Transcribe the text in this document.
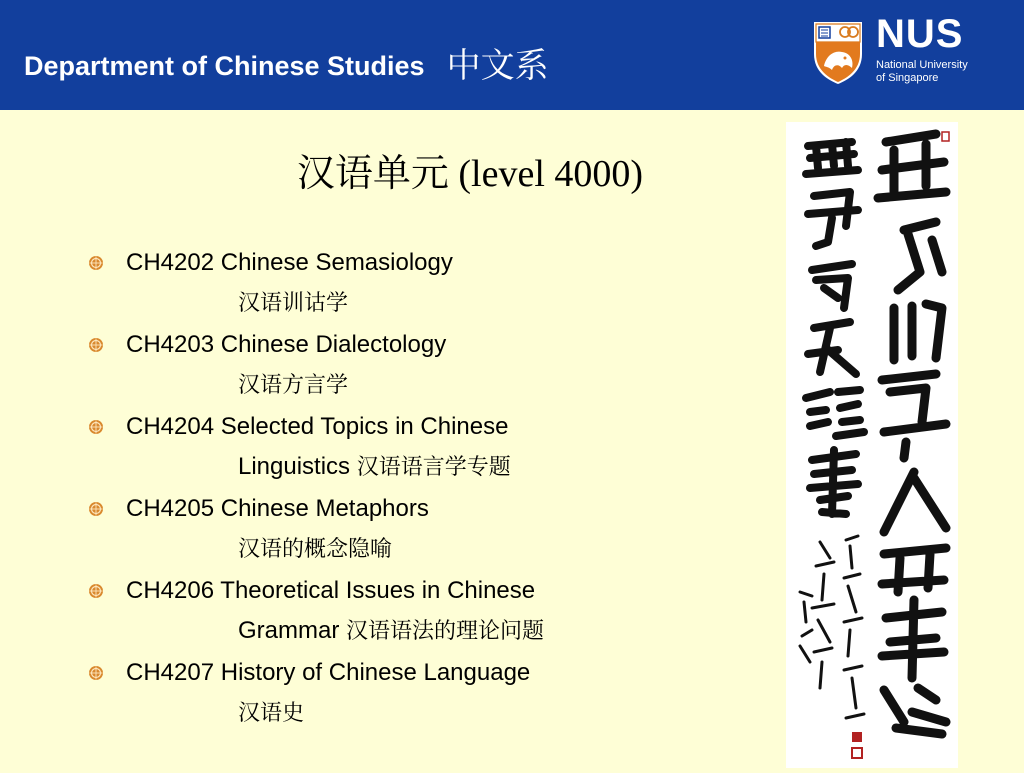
Department of Chinese Studies 中文系
NUS
National University
of Singapore
汉语单元 (level 4000)
CH4202 Chinese Semasiology
汉语训诂学
CH4203 Chinese Dialectology
汉语方言学
CH4204 Selected Topics in Chinese
Linguistics 汉语语言学专题
CH4205 Chinese Metaphors
汉语的概念隐喻
CH4206 Theoretical Issues in Chinese
Grammar 汉语语法的理论问题
CH4207 History of Chinese Language
汉语史
